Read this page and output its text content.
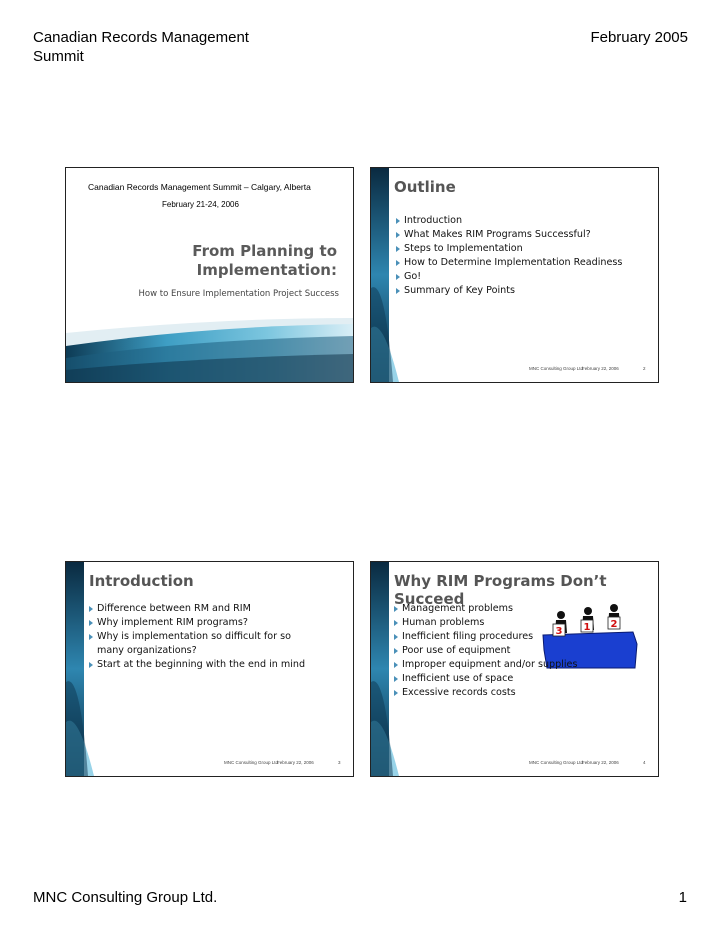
Canadian Records Management Summit
February 2005
Canadian Records Management Summit – Calgary, Alberta
February 21-24, 2006
From Planning to
Implementation:
How to Ensure Implementation Project Success
Outline
Introduction
What Makes RIM Programs Successful?
Steps to Implementation
How to Determine Implementation Readiness
Go!
Summary of Key Points
MNC Consulting Group Ltd.
February 22, 2006	2
Introduction
Difference between RM and RIM
Why implement RIM programs?
Why is implementation so difficult for so many organizations?
Start at the beginning with the end in mind
MNC Consulting Group Ltd.
February 22, 2006	3
3 1 2
Why RIM Programs Don’t Succeed
Management problems
Human problems
Inefficient filing procedures
Poor use of equipment
Improper equipment and/or supplies
Inefficient use of space
Excessive records costs
MNC Consulting Group Ltd.
February 22, 2006	4
MNC Consulting Group Ltd.	1
